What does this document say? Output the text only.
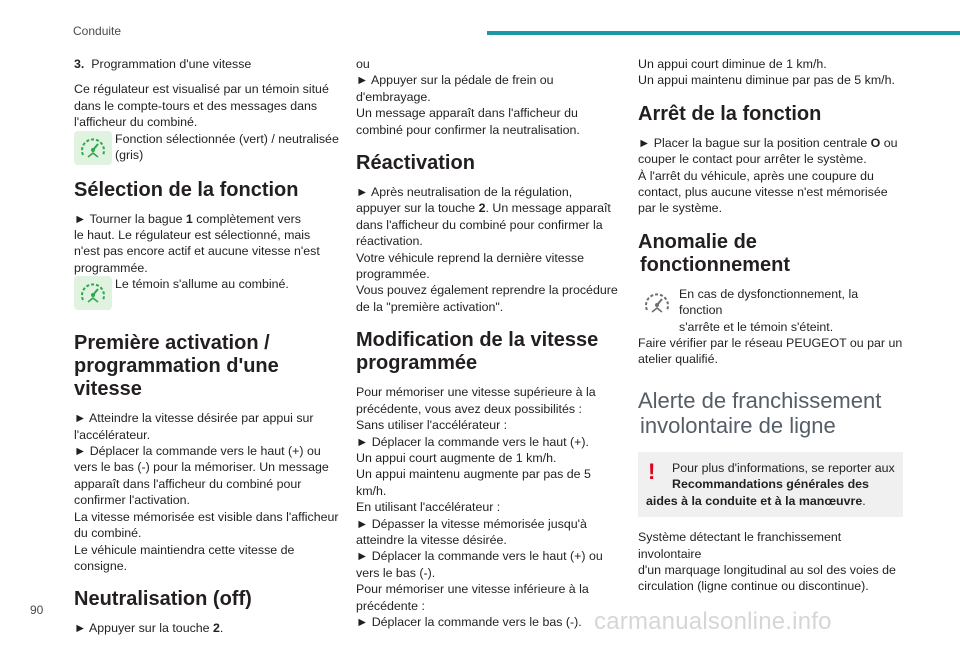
Conduite
3. Programmation d'une vitesse
Ce régulateur est visualisé par un témoin situé
dans le compte-tours et des messages dans
l'afficheur du combiné.
Fonction sélectionnée (vert) / neutralisée
(gris)
Sélection de la fonction
► Tourner la bague 1 complètement vers
le haut. Le régulateur est sélectionné, mais
n'est pas encore actif et aucune vitesse n'est
programmée.
Le témoin s'allume au combiné.
Première activation /
programmation d'une
vitesse
► Atteindre la vitesse désirée par appui sur
l'accélérateur.
► Déplacer la commande vers le haut (+) ou
vers le bas (-) pour la mémoriser. Un message
apparaît dans l'afficheur du combiné pour
confirmer l'activation.
La vitesse mémorisée est visible dans l'afficheur
du combiné.
Le véhicule maintiendra cette vitesse de
consigne.
Neutralisation (off)
► Appuyer sur la touche 2.
ou
► Appuyer sur la pédale de frein ou
d'embrayage.
Un message apparaît dans l'afficheur du
combiné pour confirmer la neutralisation.
Réactivation
► Après neutralisation de la régulation,
appuyer sur la touche 2. Un message apparaît
dans l'afficheur du combiné pour confirmer la
réactivation.
Votre véhicule reprend la dernière vitesse
programmée.
Vous pouvez également reprendre la procédure
de la "première activation".
Modification de la vitesse
programmée
Pour mémoriser une vitesse supérieure à la
précédente, vous avez deux possibilités :
Sans utiliser l'accélérateur :
► Déplacer la commande vers le haut (+).
Un appui court augmente de 1 km/h.
Un appui maintenu augmente par pas de 5 km/h.
En utilisant l'accélérateur :
► Dépasser la vitesse mémorisée jusqu'à
atteindre la vitesse désirée.
► Déplacer la commande vers le haut (+) ou
vers le bas (-).
Pour mémoriser une vitesse inférieure à la
précédente :
► Déplacer la commande vers le bas (-).
Un appui court diminue de 1 km/h.
Un appui maintenu diminue par pas de 5 km/h.
Arrêt de la fonction
► Placer la bague sur la position centrale O ou
couper le contact pour arrêter le système.
À l'arrêt du véhicule, après une coupure du
contact, plus aucune vitesse n'est mémorisée
par le système.
Anomalie de
fonctionnement
En cas de dysfonctionnement, la fonction
s'arrête et le témoin s'éteint.
Faire vérifier par le réseau PEUGEOT ou par un
atelier qualifié.
Alerte de franchissement
involontaire de ligne
!	Pour plus d'informations, se reporter aux
Recommandations générales des
aides à la conduite et à la manœuvre.
Système détectant le franchissement involontaire
d'un marquage longitudinal au sol des voies de
circulation (ligne continue ou discontinue).
90	carmanualsonline.info
